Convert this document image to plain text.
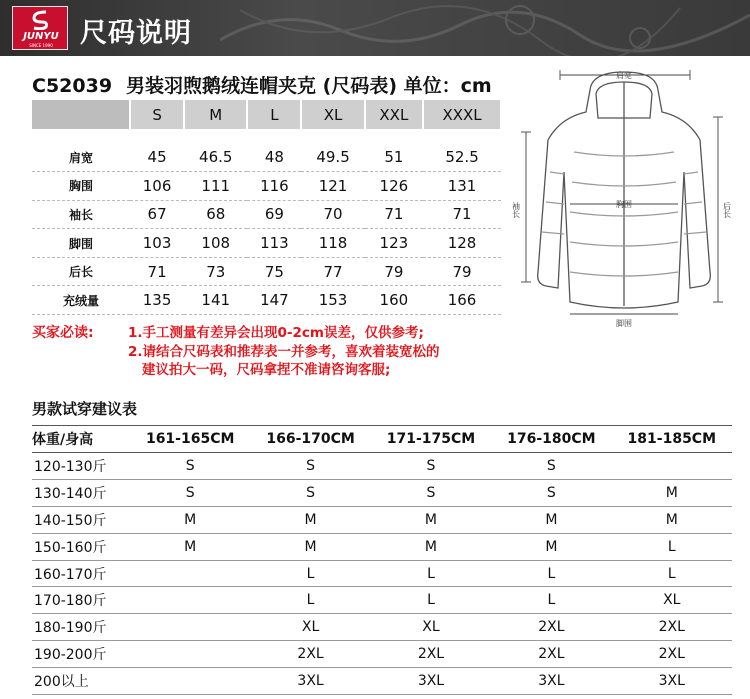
JUNYU
SINCE 1990	尺码说明
C52039 男装羽煦鹅绒连帽夹克 (尺码表) 单位：cm
	S	M	L	XL	XXL	XXXL

肩宽	45	46.5	48	49.5	51	52.5
胸围	106	111	116	121	126	131
袖长	67	68	69	70	71	71
脚围	103	108	113	118	123	128
后长	71	73	75	77	79	79
充绒量	135	141	147	153	160	166
肩宽
胸围
袖长	后长
脚围
买家必读:	1.手工测量有差异会出现0-2cm误差，仅供参考;
2.请结合尺码表和推荐表一并参考，喜欢着装宽松的
建议拍大一码，尺码拿捏不准请咨询客服;
男款试穿建议表
体重/身高	161-165CM	166-170CM	171-175CM	176-180CM	181-185CM
120-130斤	S	S	S	S	
130-140斤	S	S	S	S	M
140-150斤	M	M	M	M	M
150-160斤	M	M	M	M	L
160-170斤		L	L	L	L
170-180斤		L	L	L	XL
180-190斤		XL	XL	2XL	2XL
190-200斤		2XL	2XL	2XL	2XL
200以上		3XL	3XL	3XL	3XL
